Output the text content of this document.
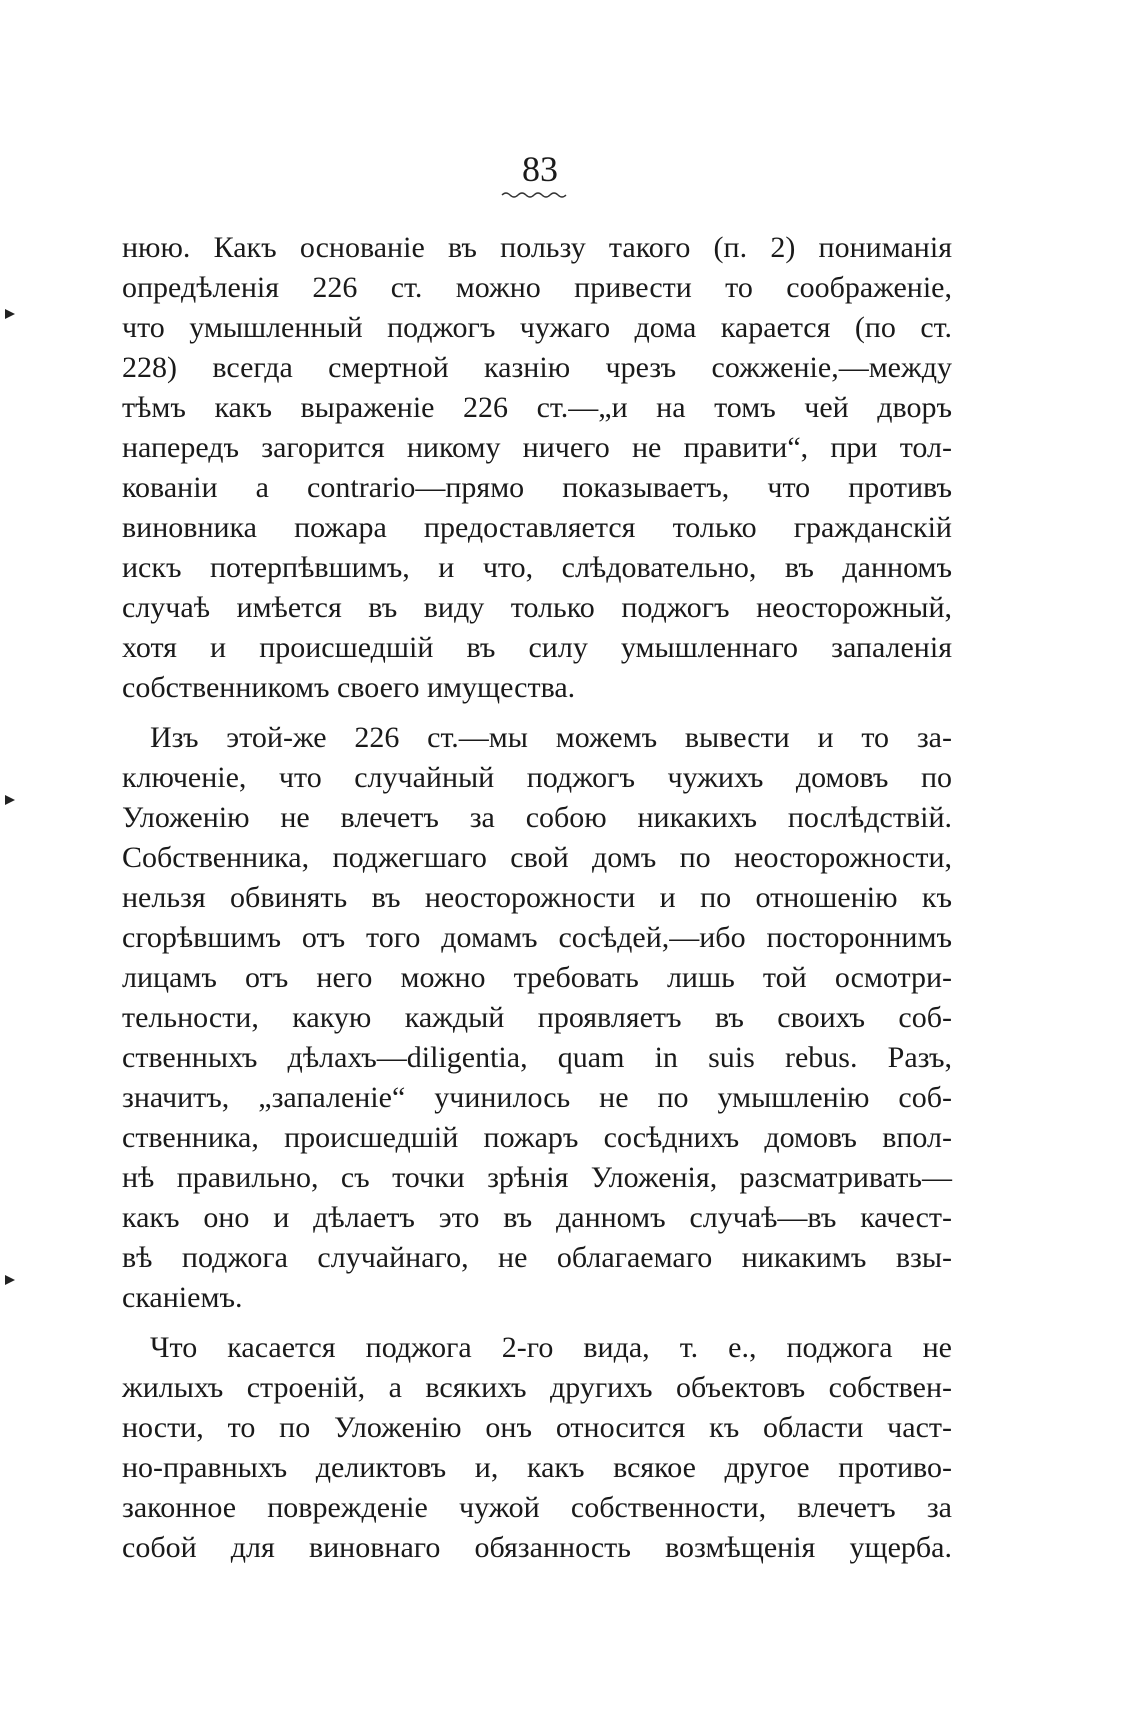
83
нюю. Какъ основаніе въ пользу такого (п. 2) пониманія
опредѣленія 226 ст. можно привести то соображеніе,
что умышленный поджогъ чужаго дома карается (по ст.
228) всегда смертной казнію чрезъ сожженіе,—между
тѣмъ какъ выраженіе 226 ст.—„и на томъ чей дворъ
напередъ загорится никому ничего не правити“, при тол-
кованіи a contrario—прямо показываетъ, что противъ
виновника пожара предоставляется только гражданскій
искъ потерпѣвшимъ, и что, слѣдовательно, въ данномъ
случаѣ имѣется въ виду только поджогъ неосторожный,
хотя и происшедшій въ силу умышленнаго запаленія
собственникомъ своего имущества.
Изъ этой-же 226 ст.—мы можемъ вывести и то за-
ключеніе, что случайный поджогъ чужихъ домовъ по
Уложенію не влечетъ за собою никакихъ послѣдствій.
Собственника, поджегшаго свой домъ по неосторожности,
нельзя обвинять въ неосторожности и по отношенію къ
сгорѣвшимъ отъ того домамъ сосѣдей,—ибо постороннимъ
лицамъ отъ него можно требовать лишь той осмотри-
тельности, какую каждый проявляетъ въ своихъ соб-
ственныхъ дѣлахъ—diligentia, quam in suis rebus. Разъ,
значитъ, „запаленіе“ учинилось не по умышленію соб-
ственника, происшедшій пожаръ сосѣднихъ домовъ впол-
нѣ правильно, съ точки зрѣнія Уложенія, разсматривать—
какъ оно и дѣлаетъ это въ данномъ случаѣ—въ качест-
вѣ поджога случайнаго, не облагаемаго никакимъ взы-
сканіемъ.
Что касается поджога 2-го вида, т. е., поджога не
жилыхъ строеній, а всякихъ другихъ объектовъ собствен-
ности, то по Уложенію онъ относится къ области част-
но-правныхъ деликтовъ и, какъ всякое другое противо-
законное поврежденіе чужой собственности, влечетъ за
собой для виновнаго обязанность возмѣщенія ущерба.
